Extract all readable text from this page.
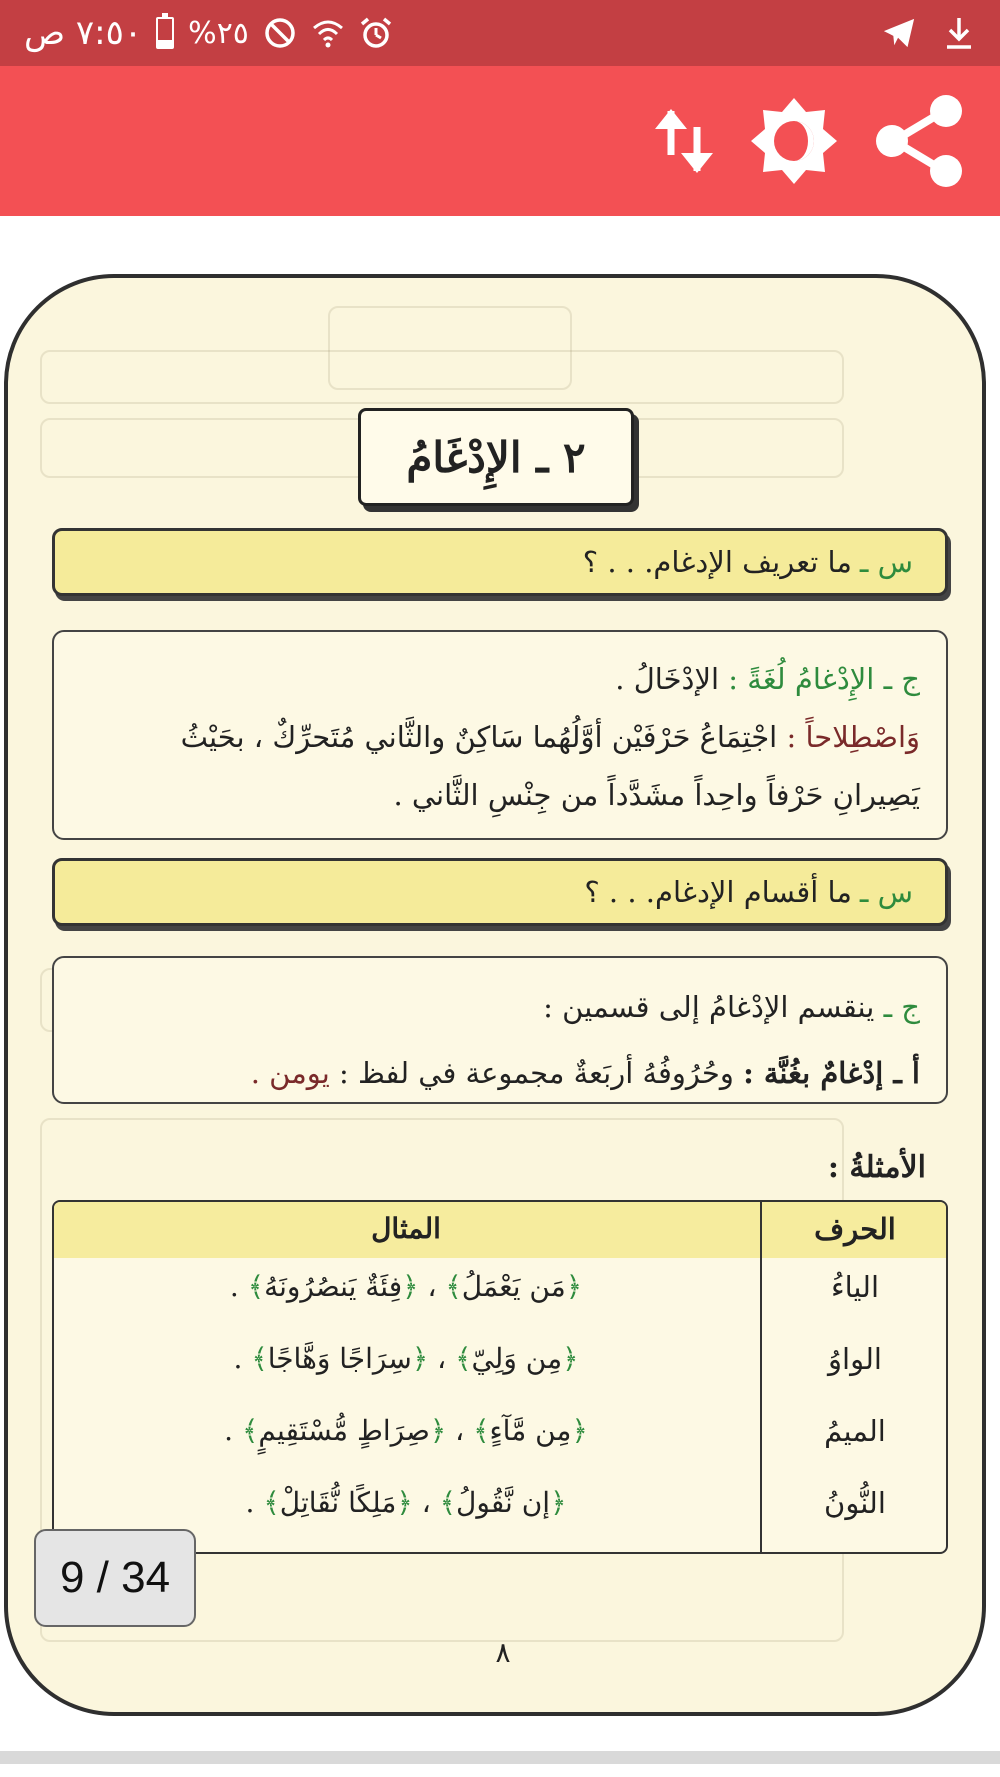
٧:٥٠ ص %٢٥
٢ ـ الإِدْغَامُ
س ـ
ما تعريف الإدغام. . . ؟
ج ـ الإِدْغامُ لُغَةً : الإدْخَالُ .
وَاصْطِلاحاً : اجْتِمَاعُ حَرْفَيْن أوَّلُهُما سَاكِنٌ والثَّاني مُتَحرِّكٌ ، بحَيْثُ
يَصِيرانِ حَرْفاً واحِداً مشَدَّداً من جِنْسِ الثَّاني .
س ـ
ما أقسام الإدغام. . . ؟
ج ـ ينقسم الإدْغامُ إلى قسمين :
أ ـ إدْغامٌ بغُنَّة : وحُرُوفُهُ أربَعةٌ مجموعة في لفظ : يومن .
الأمثلةُ :
الحرف
المثال
الياءُ
﴿مَن يَعْمَلُ﴾ ، ﴿فِئَةٌ يَنصُرُونَهُ﴾ .
الواوُ
﴿مِن وَلِيّ﴾ ، ﴿سِرَاجًا وَهَّاجًا﴾ .
الميمُ
﴿مِن مَّآءٍ﴾ ، ﴿صِرَاطٍ مُّسْتَقِيمٍ﴾ .
النُّونُ
﴿إن نَّقُولُ﴾ ، ﴿مَلِكًا نُّقَاتِلْ﴾ .
٨
9 / 34
